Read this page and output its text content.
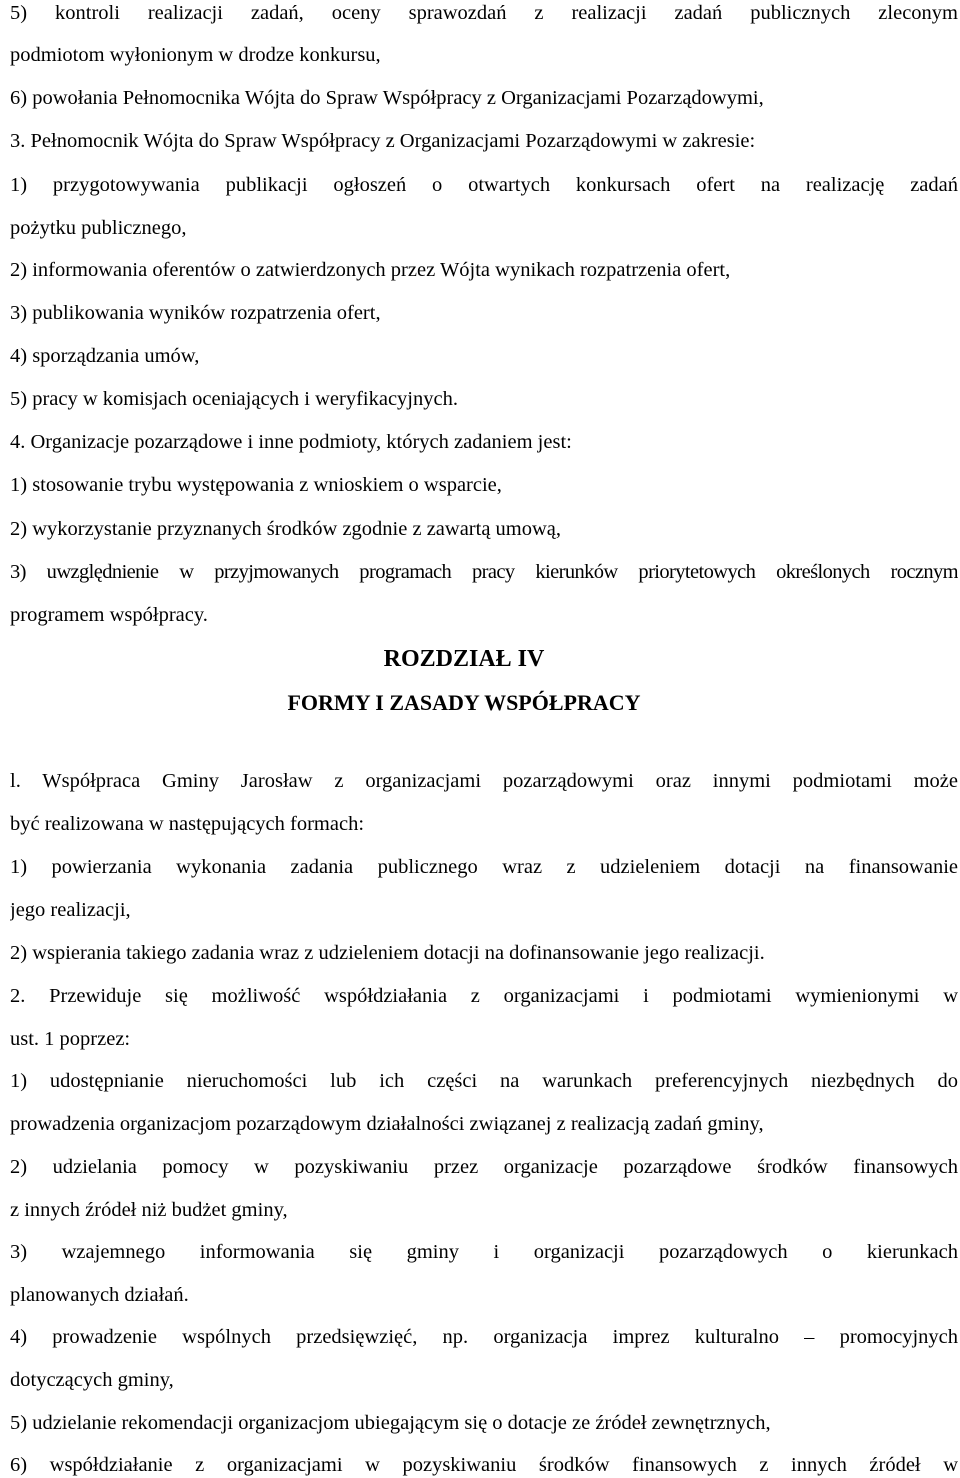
5) kontroli realizacji zadań, oceny sprawozdań z realizacji zadań publicznych zleconym
podmiotom wyłonionym w drodze konkursu,
6) powołania Pełnomocnika Wójta do Spraw Współpracy z Organizacjami Pozarządowymi,
3. Pełnomocnik Wójta do Spraw Współpracy z Organizacjami Pozarządowymi w zakresie:
1) przygotowywania publikacji ogłoszeń o otwartych konkursach ofert na realizację zadań
pożytku publicznego,
2) informowania oferentów o zatwierdzonych przez Wójta wynikach rozpatrzenia ofert,
3) publikowania wyników rozpatrzenia ofert,
4) sporządzania umów,
5) pracy w komisjach oceniających i weryfikacyjnych.
4. Organizacje pozarządowe i inne podmioty, których zadaniem jest:
1) stosowanie trybu występowania z wnioskiem o wsparcie,
2) wykorzystanie przyznanych środków zgodnie z zawartą umową,
3) uwzględnienie w przyjmowanych programach pracy kierunków priorytetowych określonych rocznym
programem współpracy.
ROZDZIAŁ IV
FORMY I ZASADY WSPÓŁPRACY
l. Współpraca Gminy Jarosław z organizacjami pozarządowymi oraz innymi podmiotami może
być realizowana w następujących formach:
1) powierzania wykonania zadania publicznego wraz z udzieleniem dotacji na finansowanie
jego realizacji,
2) wspierania takiego zadania wraz z udzieleniem dotacji na dofinansowanie jego realizacji.
2. Przewiduje się możliwość współdziałania z organizacjami i podmiotami wymienionymi w
ust. 1 poprzez:
1) udostępnianie nieruchomości lub ich części na warunkach preferencyjnych niezbędnych do
prowadzenia organizacjom pozarządowym działalności związanej z realizacją zadań gminy,
2) udzielania pomocy w pozyskiwaniu przez organizacje pozarządowe środków finansowych
z innych źródeł niż budżet gminy,
3) wzajemnego informowania się gminy i organizacji pozarządowych o kierunkach
planowanych działań.
4) prowadzenie wspólnych przedsięwzięć, np. organizacja imprez kulturalno – promocyjnych
dotyczących gminy,
5) udzielanie rekomendacji organizacjom ubiegającym się o dotacje ze źródeł zewnętrznych,
6) współdziałanie z organizacjami w pozyskiwaniu środków finansowych z innych źródeł w
